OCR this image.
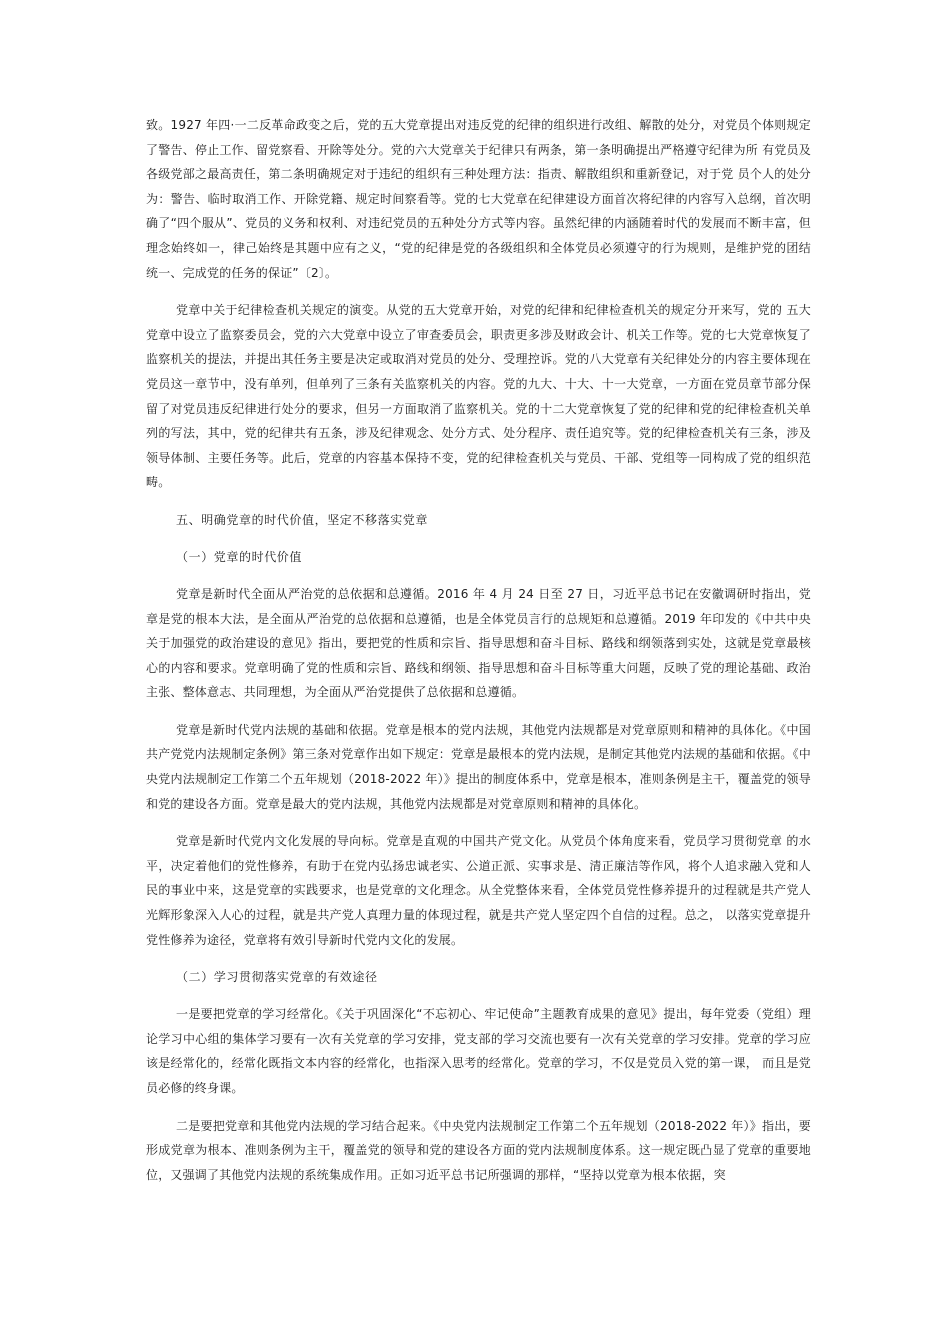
致。1927 年四·一二反革命政变之后，党的五大党章提出对违反党的纪律的组织进行改组、解散的处分，对党员个体则规定了警告、停止工作、留党察看、开除等处分。党的六大党章关于纪律只有两条，第一条明确提出严格遵守纪律为所 有党员及各级党部之最高责任，第二条明确规定对于违纪的组织有三种处理方法：指责、解散组织和重新登记，对于党 员个人的处分为：警告、临时取消工作、开除党籍、规定时间察看等。党的七大党章在纪律建设方面首次将纪律的内容写入总纲，首次明确了“四个服从”、党员的义务和权利、对违纪党员的五种处分方式等内容。虽然纪律的内涵随着时代的发展而不断丰富，但理念始终如一，律己始终是其题中应有之义，“党的纪律是党的各级组织和全体党员必须遵守的行为规则，是维护党的团结统一、完成党的任务的保证”〔2〕。

党章中关于纪律检查机关规定的演变。从党的五大党章开始，对党的纪律和纪律检查机关的规定分开来写，党的 五大党章中设立了监察委员会，党的六大党章中设立了审查委员会，职责更多涉及财政会计、机关工作等。党的七大党章恢复了监察机关的提法，并提出其任务主要是决定或取消对党员的处分、受理控诉。党的八大党章有关纪律处分的内容主要体现在党员这一章节中，没有单列，但单列了三条有关监察机关的内容。党的九大、十大、十一大党章，一方面在党员章节部分保留了对党员违反纪律进行处分的要求，但另一方面取消了监察机关。党的十二大党章恢复了党的纪律和党的纪律检查机关单列的写法，其中，党的纪律共有五条，涉及纪律观念、处分方式、处分程序、责任追究等。党的纪律检查机关有三条，涉及领导体制、主要任务等。此后，党章的内容基本保持不变，党的纪律检查机关与党员、干部、党组等一同构成了党的组织范畴。

五、明确党章的时代价值，坚定不移落实党章

（一）党章的时代价值

党章是新时代全面从严治党的总依据和总遵循。2016 年 4 月 24 日至 27 日，习近平总书记在安徽调研时指出，党章是党的根本大法，是全面从严治党的总依据和总遵循，也是全体党员言行的总规矩和总遵循。2019 年印发的《中共中央关于加强党的政治建设的意见》指出，要把党的性质和宗旨、指导思想和奋斗目标、路线和纲领落到实处，这就是党章最核心的内容和要求。党章明确了党的性质和宗旨、路线和纲领、指导思想和奋斗目标等重大问题，反映了党的理论基础、政治主张、整体意志、共同理想，为全面从严治党提供了总依据和总遵循。

党章是新时代党内法规的基础和依据。党章是根本的党内法规，其他党内法规都是对党章原则和精神的具体化。《中国共产党党内法规制定条例》第三条对党章作出如下规定：党章是最根本的党内法规，是制定其他党内法规的基础和依据。《中央党内法规制定工作第二个五年规划（2018-2022 年）》提出的制度体系中，党章是根本，准则条例是主干，覆盖党的领导和党的建设各方面。党章是最大的党内法规，其他党内法规都是对党章原则和精神的具体化。

党章是新时代党内文化发展的导向标。党章是直观的中国共产党文化。从党员个体角度来看，党员学习贯彻党章 的水平，决定着他们的党性修养，有助于在党内弘扬忠诚老实、公道正派、实事求是、清正廉洁等作风，将个人追求融入党和人民的事业中来，这是党章的实践要求，也是党章的文化理念。从全党整体来看，全体党员党性修养提升的过程就是共产党人光辉形象深入人心的过程，就是共产党人真理力量的体现过程，就是共产党人坚定四个自信的过程。总之， 以落实党章提升党性修养为途径，党章将有效引导新时代党内文化的发展。

（二）学习贯彻落实党章的有效途径

一是要把党章的学习经常化。《关于巩固深化“不忘初心、牢记使命”主题教育成果的意见》提出，每年党委（党组）理论学习中心组的集体学习要有一次有关党章的学习安排，党支部的学习交流也要有一次有关党章的学习安排。党章的学习应该是经常化的，经常化既指文本内容的经常化，也指深入思考的经常化。党章的学习，不仅是党员入党的第一课， 而且是党员必修的终身课。

二是要把党章和其他党内法规的学习结合起来。《中央党内法规制定工作第二个五年规划（2018-2022 年）》指出，要形成党章为根本、准则条例为主干，覆盖党的领导和党的建设各方面的党内法规制度体系。这一规定既凸显了党章的重要地位，又强调了其他党内法规的系统集成作用。正如习近平总书记所强调的那样，“坚持以党章为根本依据，突
